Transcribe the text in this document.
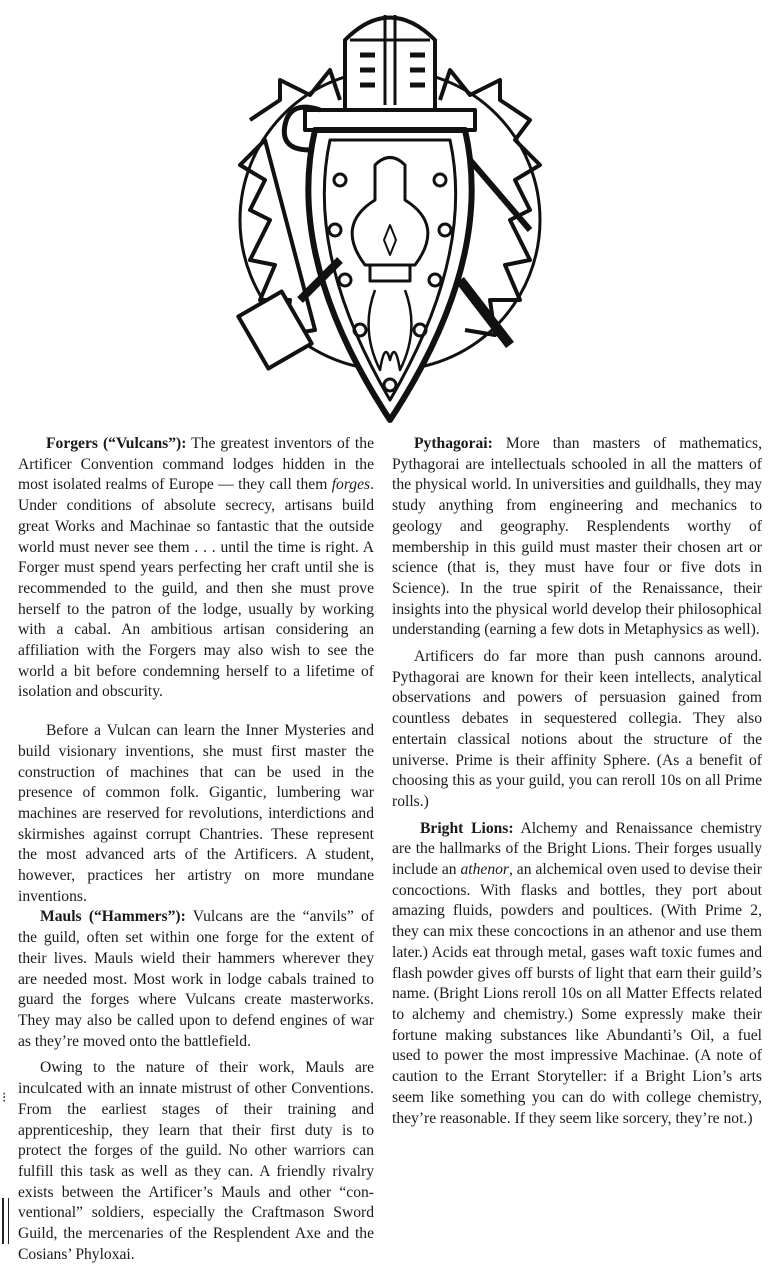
Forgers (“Vulcans”): The greatest inventors of the Artificer Convention command lodges hidden in the most isolated realms of Europe — they call them forges. Under conditions of absolute secrecy, artisans build great Works and Machinae so fantastic that the outside world must never see them . . . until the time is right. A Forger must spend years perfecting her craft until she is recommended to the guild, and then she must prove herself to the patron of the lodge, usually by working with a cabal. An ambitious artisan considering an affiliation with the Forgers may also wish to see the world a bit before condemning herself to a lifetime of isolation and obscurity.

Before a Vulcan can learn the Inner Mysteries and build visionary inventions, she must first master the construction of machines that can be used in the presence of common folk. Gigantic, lumbering war machines are reserved for revolutions, interdictions and skirmishes against corrupt Chantries. These represent the most advanced arts of the Artificers. A student, however, practices her artistry on more mundane inventions.

Mauls (“Hammers”): Vulcans are the “anvils” of the guild, often set within one forge for the extent of their lives. Mauls wield their hammers wherever they are needed most. Most work in lodge cabals trained to guard the forges where Vulcans create masterworks. They may also be called upon to defend engines of war as they’re moved onto the battlefield.

Owing to the nature of their work, Mauls are inculcated with an innate mistrust of other Conventions. From the earliest stages of their training and apprenticeship, they learn that their first duty is to protect the forges of the guild. No other warriors can fulfill this task as well as they can. A friendly rivalry exists between the Artificer’s Mauls and other “conventional” soldiers, especially the Craftmason Sword Guild, the mercenaries of the Resplendent Axe and the Cosians’ Phyloxai.

Pythagorai: More than masters of mathematics, Pythagorai are intellectuals schooled in all the matters of the physical world. In universities and guildhalls, they may study anything from engineering and mechanics to geology and geography. Resplendents worthy of membership in this guild must master their chosen art or science (that is, they must have four or five dots in Science). In the true spirit of the Renaissance, their insights into the physical world develop their philosophical understanding (earning a few dots in Metaphysics as well).

Artificers do far more than push cannons around. Pythagorai are known for their keen intellects, analytical observations and powers of persuasion gained from countless debates in sequestered collegia. They also entertain classical notions about the structure of the universe. Prime is their affinity Sphere. (As a benefit of choosing this as your guild, you can reroll 10s on all Prime rolls.)

Bright Lions: Alchemy and Renaissance chemistry are the hallmarks of the Bright Lions. Their forges usually include an athenor, an alchemical oven used to devise their concoctions. With flasks and bottles, they port about amazing fluids, powders and poultices. (With Prime 2, they can mix these concoctions in an athenor and use them later.) Acids eat through metal, gases waft toxic fumes and flash powder gives off bursts of light that earn their guild’s name. (Bright Lions reroll 10s on all Matter Effects related to alchemy and chemistry.) Some expressly make their fortune making substances like Abundanti’s Oil, a fuel used to power the most impressive Machinae. (A note of caution to the Errant Storyteller: if a Bright Lion’s arts seem like something you can do with college chemistry, they’re reasonable. If they seem like sorcery, they’re not.)

⁝
